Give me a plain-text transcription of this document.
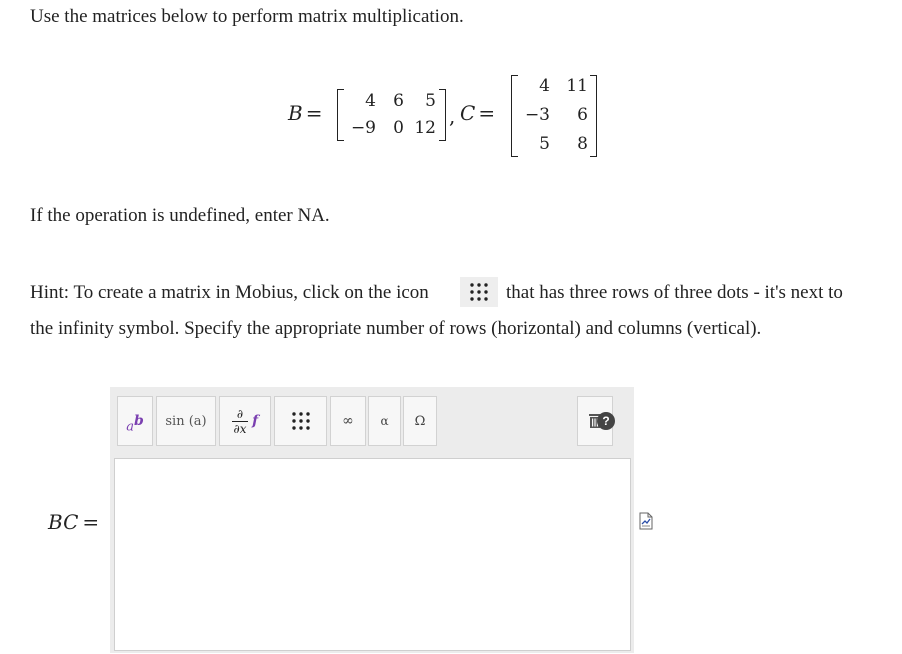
Use the matrices below to perform matrix multiplication.
B =	4	6	5
−9	0 12 , C =
4 11
−3	6
5	8
If the operation is undefined, enter NA.
Hint: To create a matrix in Mobius, click on the icon	that has three rows of three dots - it's next to
the infinity symbol. Specify the appropriate number of rows (horizontal) and columns (vertical).
BC =
$a^b$ sin (a)	∂
∂x f	∞ α Ω	?
